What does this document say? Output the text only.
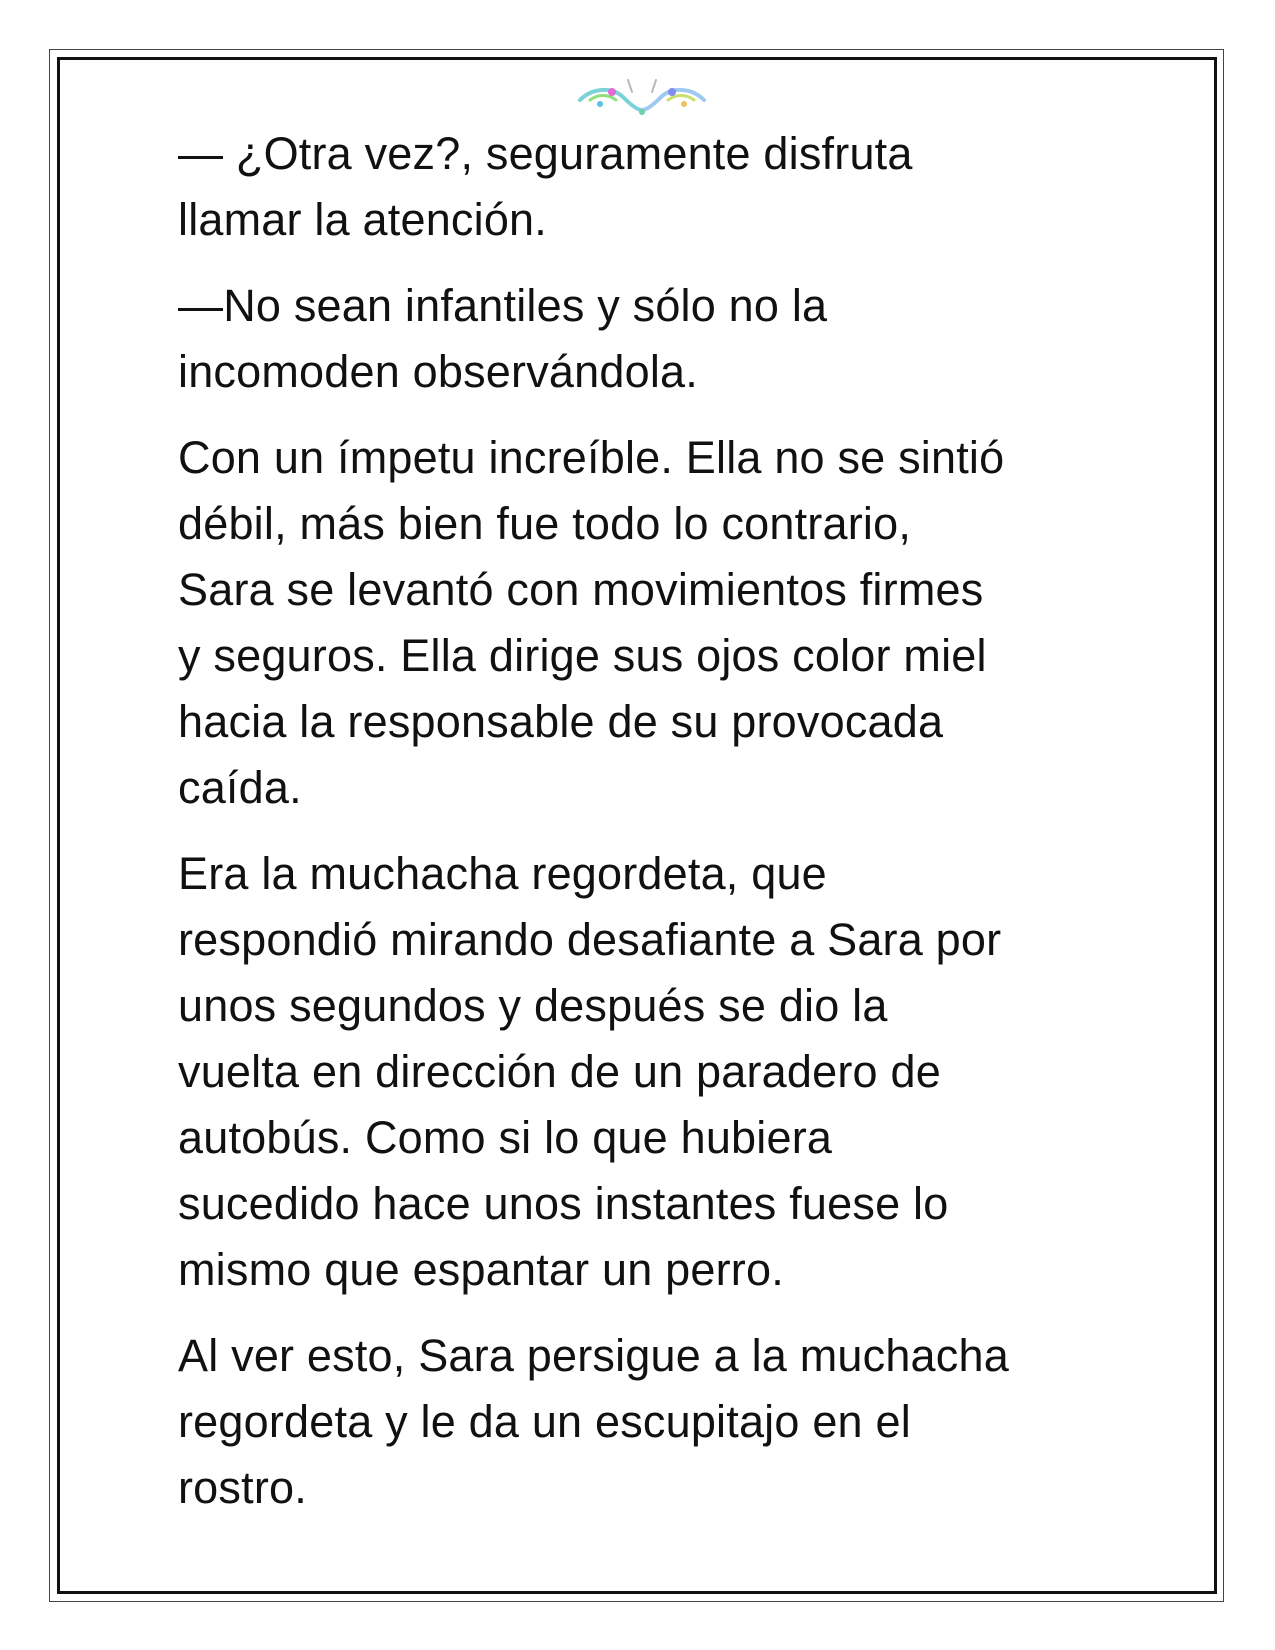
— ¿Otra vez?, seguramente disfruta
llamar la atención.

—No sean infantiles y sólo no la
incomoden observándola.

Con un ímpetu increíble. Ella no se sintió
débil, más bien fue todo lo contrario,
Sara se levantó con movimientos firmes
y seguros. Ella dirige sus ojos color miel
hacia la responsable de su provocada
caída.

Era la muchacha regordeta, que
respondió mirando desafiante a Sara por
unos segundos y después se dio la
vuelta en dirección de un paradero de
autobús. Como si lo que hubiera
sucedido hace unos instantes fuese lo
mismo que espantar un perro.

Al ver esto, Sara persigue a la muchacha
regordeta y le da un escupitajo en el
rostro.
